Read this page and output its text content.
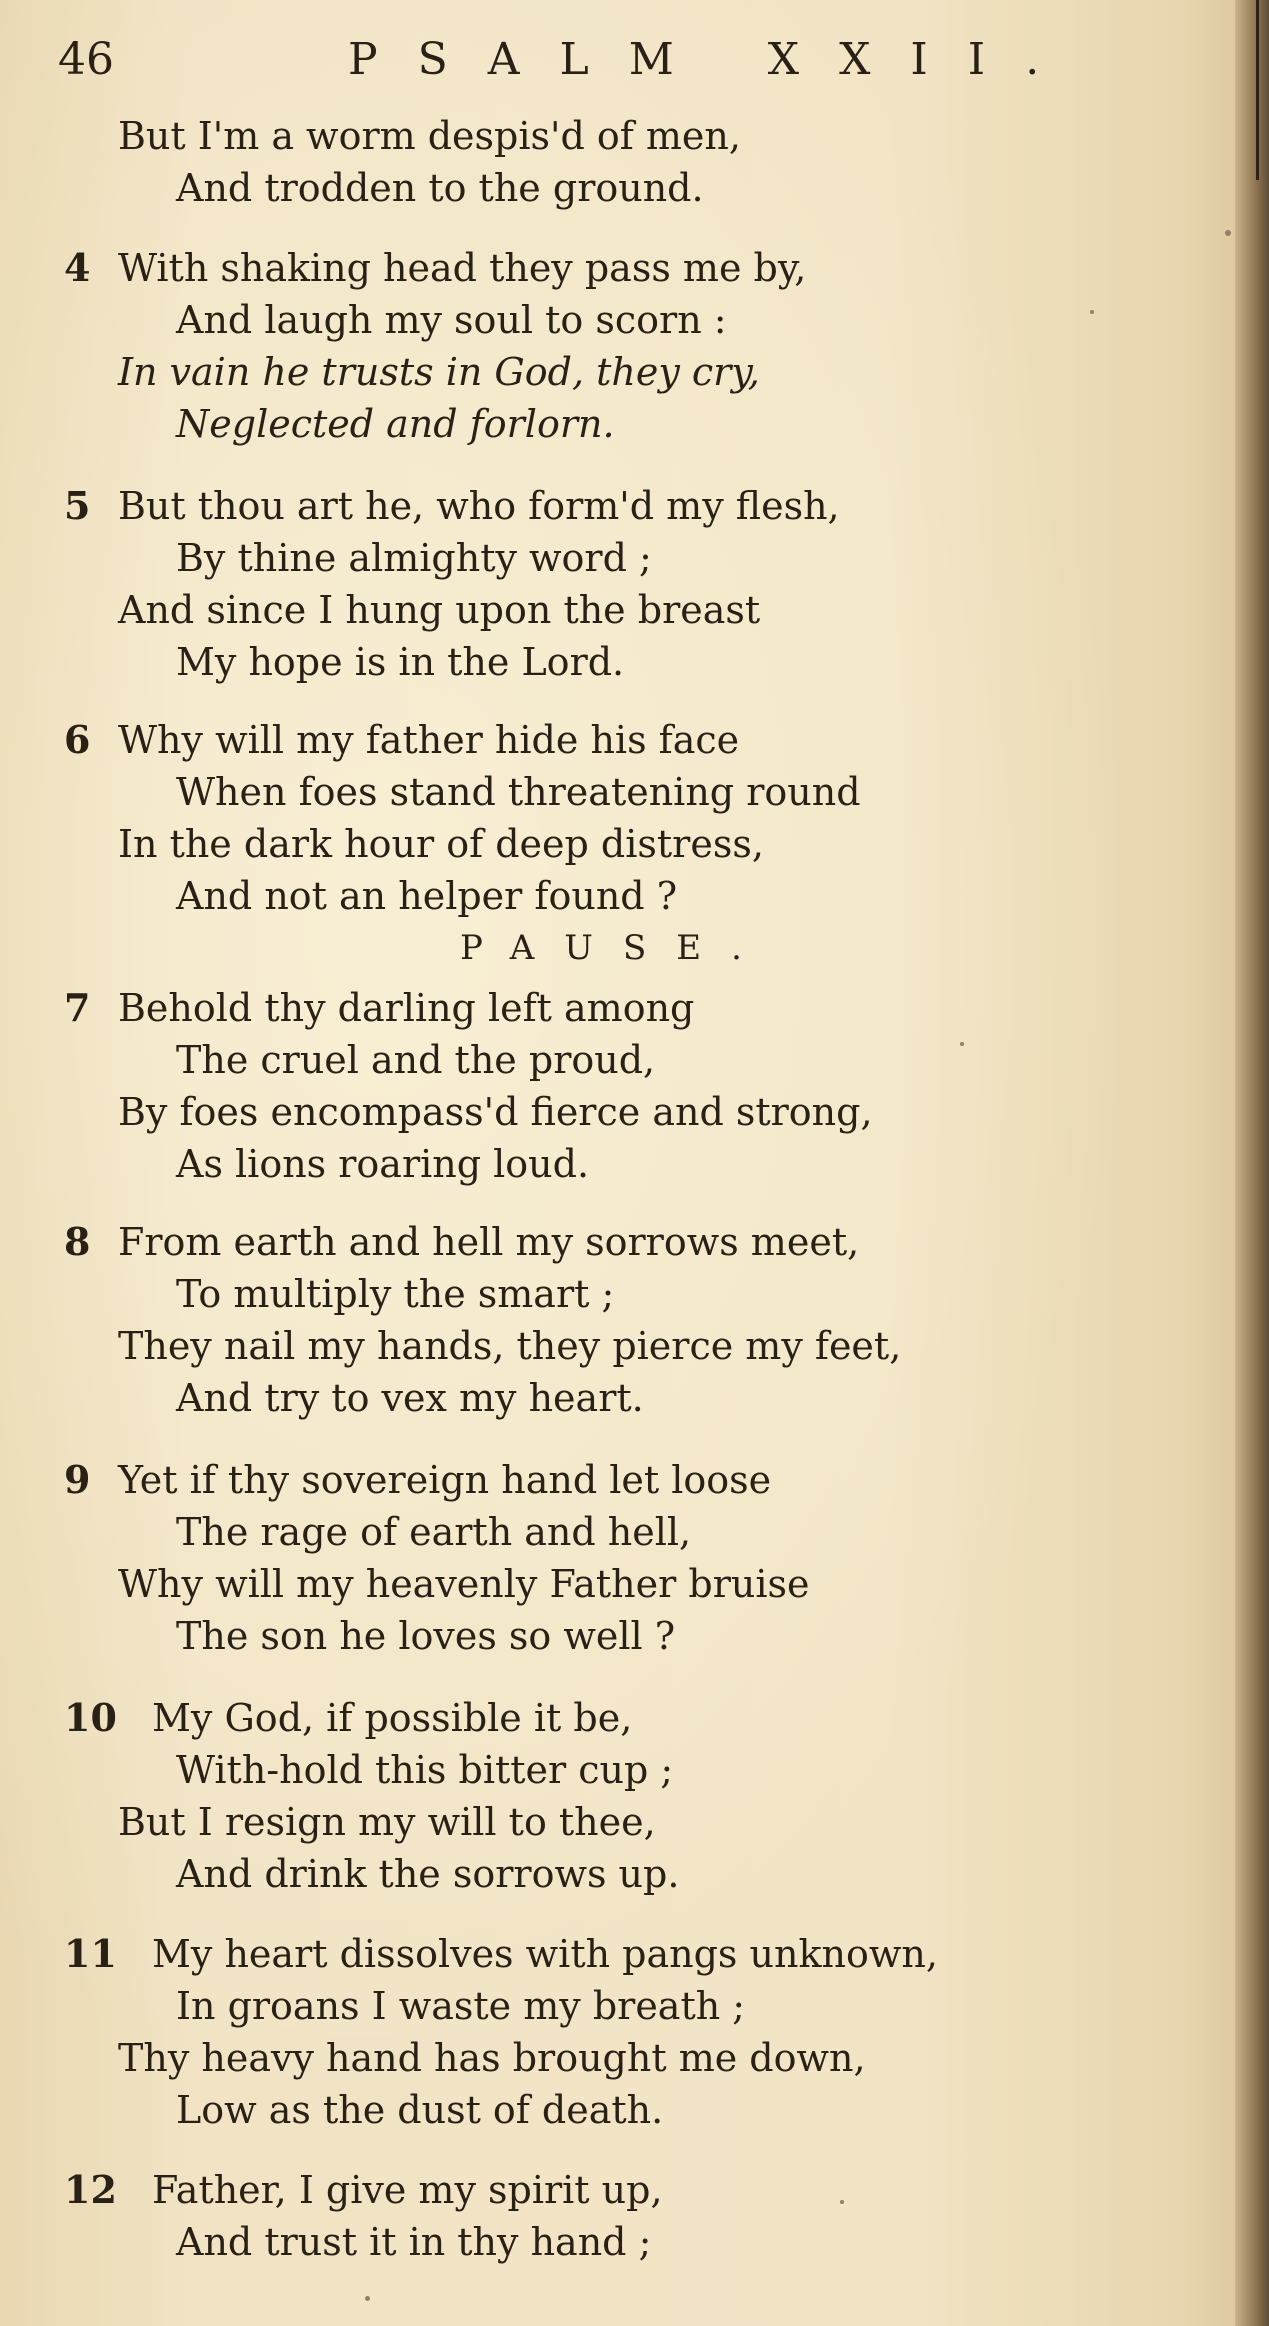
46	PSALM XXII.
But I'm a worm despis'd of men,
And trodden to the ground.
4 With shaking head they pass me by,
And laugh my soul to scorn :
In vain he trusts in God, they cry,
Neglected and forlorn.
5 But thou art he, who form'd my flesh,
By thine almighty word ;
And since I hung upon the breast
My hope is in the Lord.
6 Why will my father hide his face
When foes stand threatening round
In the dark hour of deep distress,
And not an helper found ?
PAUSE.
7 Behold thy darling left among
The cruel and the proud,
By foes encompass'd fierce and strong,
As lions roaring loud.
8 From earth and hell my sorrows meet,
To multiply the smart ;
They nail my hands, they pierce my feet,
And try to vex my heart.
9 Yet if thy sovereign hand let loose
The rage of earth and hell,
Why will my heavenly Father bruise
The son he loves so well ?
10 My God, if possible it be,
With-hold this bitter cup ;
But I resign my will to thee,
And drink the sorrows up.
11 My heart dissolves with pangs unknown,
In groans I waste my breath ;
Thy heavy hand has brought me down,
Low as the dust of death.
12 Father, I give my spirit up,
And trust it in thy hand ;
